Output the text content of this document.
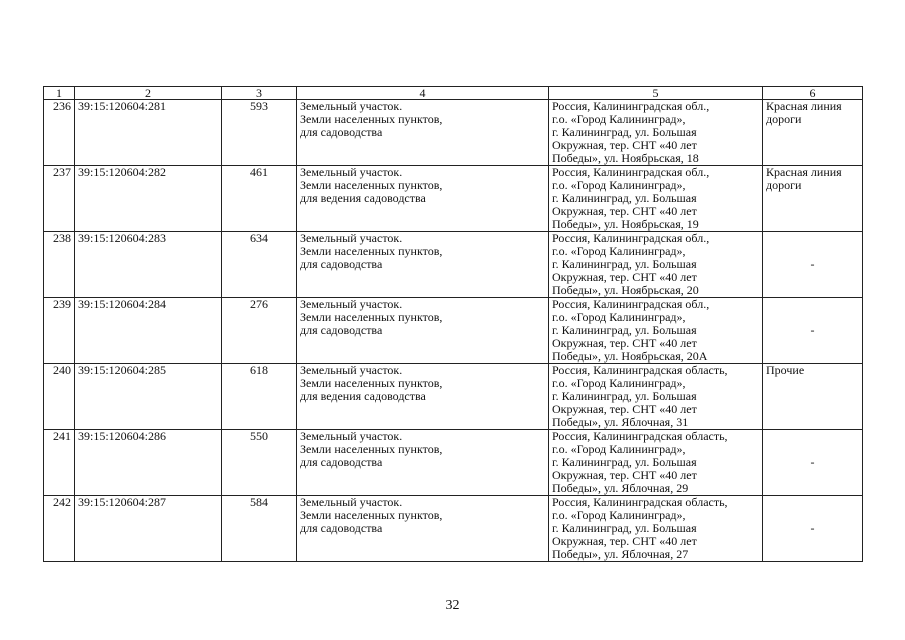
1	2	3	4	5	6
236	39:15:120604:281	593	Земельный участок.
Земли населенных пунктов,
для садоводства	Россия, Калининградская обл.,
г.о. «Город Калининград»,
г. Калининград, ул. Большая
Окружная, тер. СНТ «40 лет
Победы», ул. Ноябрьская, 18	Красная линия
дороги
237	39:15:120604:282	461	Земельный участок.
Земли населенных пунктов,
для ведения садоводства	Россия, Калининградская обл.,
г.о. «Город Калининград»,
г. Калининград, ул. Большая
Окружная, тер. СНТ «40 лет
Победы», ул. Ноябрьская, 19	Красная линия
дороги
238	39:15:120604:283	634	Земельный участок.
Земли населенных пунктов,
для садоводства	Россия, Калининградская обл.,
г.о. «Город Калининград»,
г. Калининград, ул. Большая
Окружная, тер. СНТ «40 лет
Победы», ул. Ноябрьская, 20	-
239	39:15:120604:284	276	Земельный участок.
Земли населенных пунктов,
для садоводства	Россия, Калининградская обл.,
г.о. «Город Калининград»,
г. Калининград, ул. Большая
Окружная, тер. СНТ «40 лет
Победы», ул. Ноябрьская, 20А	-
240	39:15:120604:285	618	Земельный участок.
Земли населенных пунктов,
для ведения садоводства	Россия, Калининградская область,
г.о. «Город Калининград»,
г. Калининград, ул. Большая
Окружная, тер. СНТ «40 лет
Победы», ул. Яблочная, 31	Прочие
241	39:15:120604:286	550	Земельный участок.
Земли населенных пунктов,
для садоводства	Россия, Калининградская область,
г.о. «Город Калининград»,
г. Калининград, ул. Большая
Окружная, тер. СНТ «40 лет
Победы», ул. Яблочная, 29	-
242	39:15:120604:287	584	Земельный участок.
Земли населенных пунктов,
для садоводства	Россия, Калининградская область,
г.о. «Город Калининград»,
г. Калининград, ул. Большая
Окружная, тер. СНТ «40 лет
Победы», ул. Яблочная, 27	-
32
